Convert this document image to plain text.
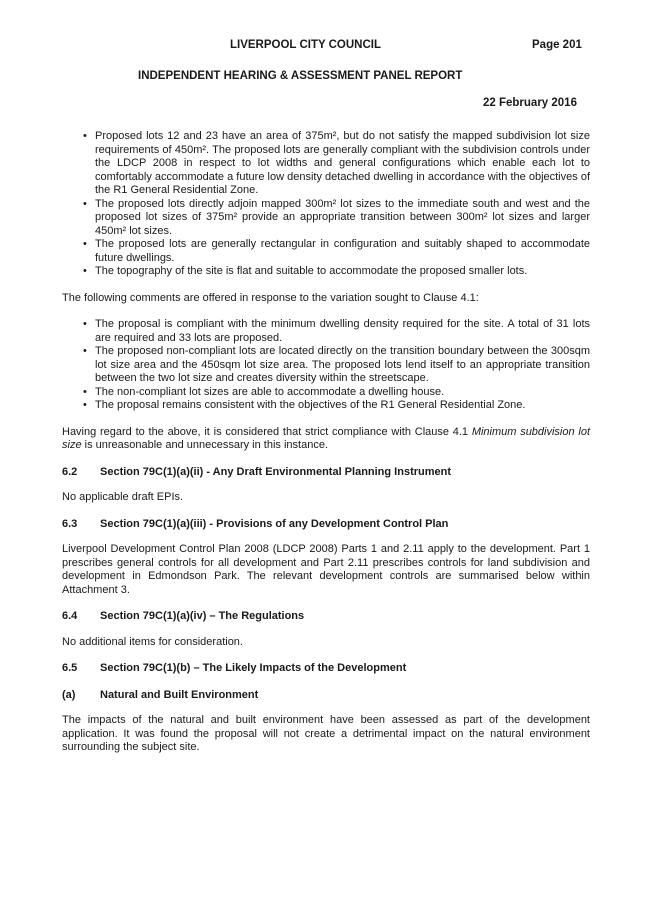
LIVERPOOL CITY COUNCIL	Page 201
INDEPENDENT HEARING & ASSESSMENT PANEL REPORT
22 February 2016
• Proposed lots 12 and 23 have an area of 375m², but do not satisfy the mapped subdivision lot size requirements of 450m². The proposed lots are generally compliant with the subdivision controls under the LDCP 2008 in respect to lot widths and general configurations which enable each lot to comfortably accommodate a future low density detached dwelling in accordance with the objectives of the R1 General Residential Zone.
• The proposed lots directly adjoin mapped 300m² lot sizes to the immediate south and west and the proposed lot sizes of 375m² provide an appropriate transition between 300m² lot sizes and larger 450m² lot sizes.
• The proposed lots are generally rectangular in configuration and suitably shaped to accommodate future dwellings.
• The topography of the site is flat and suitable to accommodate the proposed smaller lots.

The following comments are offered in response to the variation sought to Clause 4.1:

• The proposal is compliant with the minimum dwelling density required for the site. A total of 31 lots are required and 33 lots are proposed.
• The proposed non-compliant lots are located directly on the transition boundary between the 300sqm lot size area and the 450sqm lot size area. The proposed lots lend itself to an appropriate transition between the two lot size and creates diversity within the streetscape.
• The non-compliant lot sizes are able to accommodate a dwelling house.
• The proposal remains consistent with the objectives of the R1 General Residential Zone.

Having regard to the above, it is considered that strict compliance with Clause 4.1 Minimum subdivision lot size is unreasonable and unnecessary in this instance.

6.2	Section 79C(1)(a)(ii) - Any Draft Environmental Planning Instrument

No applicable draft EPIs.

6.3	Section 79C(1)(a)(iii) - Provisions of any Development Control Plan

Liverpool Development Control Plan 2008 (LDCP 2008) Parts 1 and 2.11 apply to the development. Part 1 prescribes general controls for all development and Part 2.11 prescribes controls for land subdivision and development in Edmondson Park. The relevant development controls are summarised below within Attachment 3.

6.4	Section 79C(1)(a)(iv) – The Regulations

No additional items for consideration.

6.5	Section 79C(1)(b) – The Likely Impacts of the Development
(a)	Natural and Built Environment

The impacts of the natural and built environment have been assessed as part of the development application. It was found the proposal will not create a detrimental impact on the natural environment surrounding the subject site.
